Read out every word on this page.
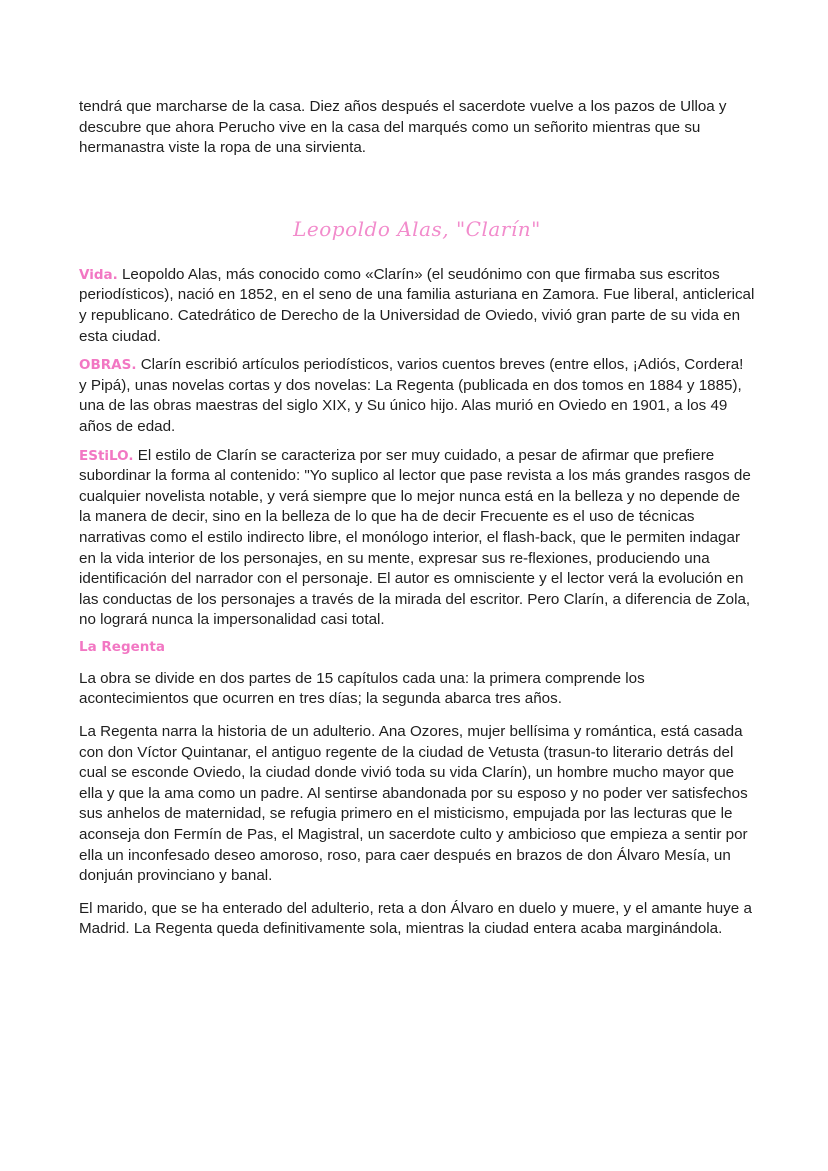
tendrá que marcharse de la casa. Diez años después el sacerdote vuelve a los pazos de Ulloa y descubre que ahora Perucho vive en la casa del marqués como un señorito mientras que su hermanastra viste la ropa de una sirvienta.

Leopoldo Alas, "Clarín"

Vida. Leopoldo Alas, más conocido como «Clarín» (el seudónimo con que firmaba sus escritos periodísticos), nació en 1852, en el seno de una familia asturiana en Zamora. Fue liberal, anticlerical y republicano. Catedrático de Derecho de la Universidad de Oviedo, vivió gran parte de su vida en esta ciudad.

OBRAS. Clarín escribió artículos periodísticos, varios cuentos breves (entre ellos, ¡Adiós, Cordera! y Pipá), unas novelas cortas y dos novelas: La Regenta (publicada en dos tomos en 1884 y 1885), una de las obras maestras del siglo XIX, y Su único hijo. Alas murió en Oviedo en 1901, a los 49 años de edad.

EStiLO. El estilo de Clarín se caracteriza por ser muy cuidado, a pesar de afirmar que prefiere subordinar la forma al contenido: "Yo suplico al lector que pase revista a los más grandes rasgos de cualquier novelista notable, y verá siempre que lo mejor nunca está en la belleza y no depende de la manera de decir, sino en la belleza de lo que ha de decir Frecuente es el uso de técnicas narrativas como el estilo indirecto libre, el monólogo interior, el flash-back, que le permiten indagar en la vida interior de los personajes, en su mente, expresar sus re-flexiones, produciendo una identificación del narrador con el personaje. El autor es omnisciente y el lector verá la evolución en las conductas de los personajes a través de la mirada del escritor. Pero Clarín, a diferencia de Zola, no logrará nunca la impersonalidad casi total.

La Regenta

La obra se divide en dos partes de 15 capítulos cada una: la primera comprende los acontecimientos que ocurren en tres días; la segunda abarca tres años.

La Regenta narra la historia de un adulterio. Ana Ozores, mujer bellísima y romántica, está casada con don Víctor Quintanar, el antiguo regente de la ciudad de Vetusta (trasun-to literario detrás del cual se esconde Oviedo, la ciudad donde vivió toda su vida Clarín), un hombre mucho mayor que ella y que la ama como un padre. Al sentirse abandonada por su esposo y no poder ver satisfechos sus anhelos de maternidad, se refugia primero en el misticismo, empujada por las lecturas que le aconseja don Fermín de Pas, el Magistral, un sacerdote culto y ambicioso que empieza a sentir por ella un inconfesado deseo amoroso, roso, para caer después en brazos de don Álvaro Mesía, un donjuán provinciano y banal.

El marido, que se ha enterado del adulterio, reta a don Álvaro en duelo y muere, y el amante huye a Madrid. La Regenta queda definitivamente sola, mientras la ciudad entera acaba marginándola.
